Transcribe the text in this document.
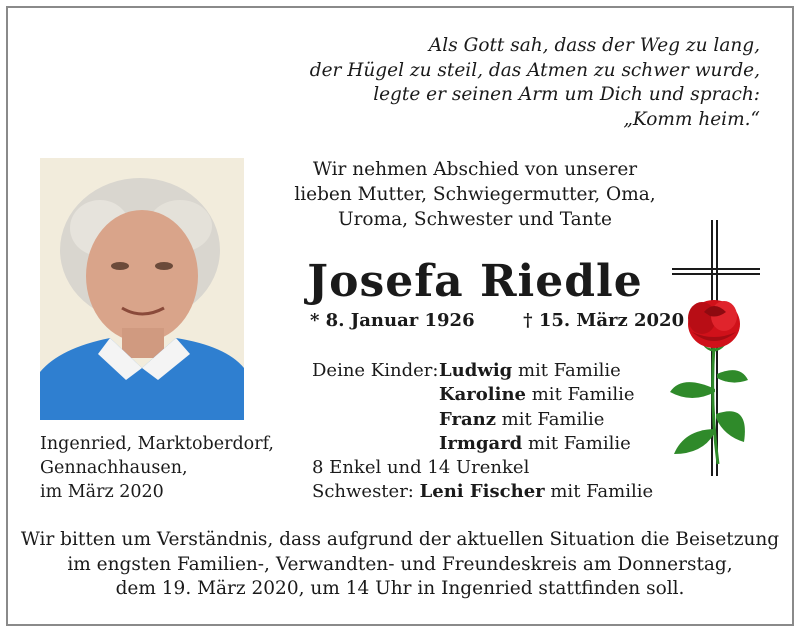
Als Gott sah, dass der Weg zu lang,
der Hügel zu steil, das Atmen zu schwer wurde,
legte er seinen Arm um Dich und sprach:
„Komm heim.“
Ingenried, Marktoberdorf,
Gennachhausen,
im März 2020
Wir nehmen Abschied von unserer
lieben Mutter, Schwiegermutter, Oma,
Uroma, Schwester und Tante
Josefa Riedle
* 8. Januar 1926	† 15. März 2020
Deine Kinder:Ludwig mit Familie
Karoline mit Familie
Franz mit Familie
Irmgard mit Familie
8 Enkel und 14 Urenkel
Schwester: Leni Fischer mit Familie
Wir bitten um Verständnis, dass aufgrund der aktuellen Situation die Beisetzung
im engsten Familien-, Verwandten- und Freundeskreis am Donnerstag,
dem 19. März 2020, um 14 Uhr in Ingenried stattfinden soll.
